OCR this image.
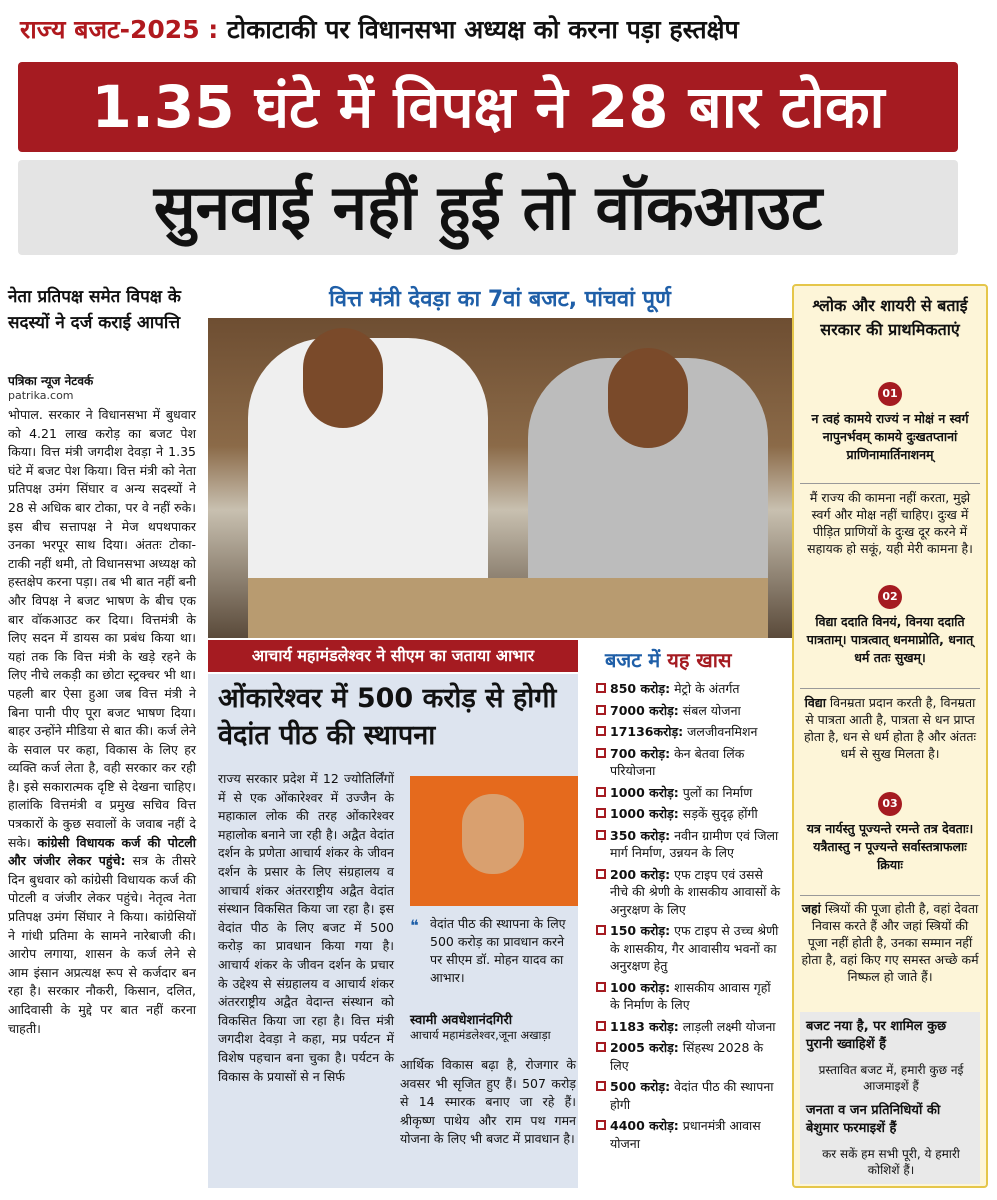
राज्य बजट-2025 : टोकाटाकी पर विधानसभा अध्यक्ष को करना पड़ा हस्तक्षेप
1.35 घंटे में विपक्ष ने 28 बार टोका
सुनवाई नहीं हुई तो वॉकआउट
वित्त मंत्री देवड़ा का 7वां बजट, पांचवां पूर्ण
नेता प्रतिपक्ष समेत विपक्ष के सदस्यों ने दर्ज कराई आपत्ति
पत्रिका न्यूज नेटवर्क
patrika.com
भोपाल. सरकार ने विधानसभा में बुधवार को 4.21 लाख करोड़ का बजट पेश किया। वित्त मंत्री जगदीश देवड़ा ने 1.35 घंटे में बजट पेश किया। वित्त मंत्री को नेता प्रतिपक्ष उमंग सिंघार व अन्य सदस्यों ने 28 से अधिक बार टोका, पर वे नहीं रुके। इस बीच सत्तापक्ष ने मेज थपथपाकर उनका भरपूर साथ दिया। अंततः टोका-टाकी नहीं थमी, तो विधानसभा अध्यक्ष को हस्तक्षेप करना पड़ा। तब भी बात नहीं बनी और विपक्ष ने बजट भाषण के बीच एक बार वॉकआउट कर दिया। वित्तमंत्री के लिए सदन में डायस का प्रबंध किया था। यहां तक कि वित्त मंत्री के खड़े रहने के लिए नीचे लकड़ी का छोटा स्ट्रक्चर भी था। पहली बार ऐसा हुआ जब वित्त मंत्री ने बिना पानी पीए पूरा बजट भाषण दिया। बाहर उन्होंने मीडिया से बात की। कर्ज लेने के सवाल पर कहा, विकास के लिए हर व्यक्ति कर्ज लेता है, वही सरकार कर रही है। इसे सकारात्मक दृष्टि से देखना चाहिए। हालांकि वित्तमंत्री व प्रमुख सचिव वित्त पत्रकारों के कुछ सवालों के जवाब नहीं दे सके। कांग्रेसी विधायक कर्ज की पोटली और जंजीर लेकर पहुंचे: सत्र के तीसरे दिन बुधवार को कांग्रेसी विधायक कर्ज की पोटली व जंजीर लेकर पहुंचे। नेतृत्व नेता प्रतिपक्ष उमंग सिंघार ने किया। कांग्रेसियों ने गांधी प्रतिमा के सामने नारेबाजी की। आरोप लगाया, शासन के कर्ज लेने से आम इंसान अप्रत्यक्ष रूप से कर्जदार बन रहा है। सरकार नौकरी, किसान, दलित, आदिवासी के मुद्दे पर बात नहीं करना चाहती।
आचार्य महामंडलेश्वर ने सीएम का जताया आभार
ओंकारेश्वर में 500 करोड़ से होगी वेदांत पीठ की स्थापना
राज्य सरकार प्रदेश में 12 ज्योतिर्लिंगों में से एक ओंकारेश्वर में उज्जैन के महाकाल लोक की तरह ओंकारेश्वर महालोक बनाने जा रही है। अद्वैत वेदांत दर्शन के प्रणेता आचार्य शंकर के जीवन दर्शन के प्रसार के लिए संग्रहालय व आचार्य शंकर अंतरराष्ट्रीय अद्वैत वेदांत संस्थान विकसित किया जा रहा है। इस वेदांत पीठ के लिए बजट में 500 करोड़ का प्रावधान किया गया है। आचार्य शंकर के जीवन दर्शन के प्रचार के उद्देश्य से संग्रहालय व आचार्य शंकर अंतरराष्ट्रीय अद्वैत वेदान्त संस्थान को विकसित किया जा रहा है। वित्त मंत्री जगदीश देवड़ा ने कहा, मप्र पर्यटन में विशेष पहचान बना चुका है। पर्यटन के विकास के प्रयासों से न सिर्फ
❝ वेदांत पीठ की स्थापना के लिए 500 करोड़ का प्रावधान करने पर सीएम डॉ. मोहन यादव का आभार।
स्वामी अवधेशानंदगिरी
आचार्य महामंडलेश्वर,जूना अखाड़ा
आर्थिक विकास बढ़ा है, रोजगार के अवसर भी सृजित हुए हैं। 507 करोड़ से 14 स्मारक बनाए जा रहे हैं। श्रीकृष्ण पाथेय और राम पथ गमन योजना के लिए भी बजट में प्रावधान है।
बजट में यह खास
850 करोड़: मेट्रो के अंतर्गत
7000 करोड़: संबल योजना
17136करोड़: जलजीवनमिशन
700 करोड़: केन बेतवा लिंक परियोजना
1000 करोड़: पुलों का निर्माण
1000 करोड़: सड़कें सुदृढ़ होंगी
350 करोड़: नवीन ग्रामीण एवं जिला मार्ग निर्माण, उन्नयन के लिए
200 करोड़: एफ टाइप एवं उससे नीचे की श्रेणी के शासकीय आवासों के अनुरक्षण के लिए
150 करोड़: एफ टाइप से उच्च श्रेणी के शासकीय, गैर आवासीय भवनों का अनुरक्षण हेतु
100 करोड़: शासकीय आवास गृहों के निर्माण के लिए
1183 करोड़: लाड़ली लक्ष्मी योजना
2005 करोड़: सिंहस्थ 2028 के लिए
500 करोड़: वेदांत पीठ की स्थापना होगी
4400 करोड़: प्रधानमंत्री आवास योजना
श्लोक और शायरी से बताई सरकार की प्राथमिकताएं
01
न त्वहं कामये राज्यं न मोक्षं न स्वर्ग नापुनर्भवम् कामये दुःखतप्तानां प्राणिनामार्तिनाशनम्
मैं राज्य की कामना नहीं करता, मुझे स्वर्ग और मोक्ष नहीं चाहिए। दुःख में पीड़ित प्राणियों के दुःख दूर करने में सहायक हो सकूं, यही मेरी कामना है।
02
विद्या ददाति विनयं, विनया ददाति पात्रताम्। पात्रत्वात् धनमाप्नोति, धनात् धर्म ततः सुखम्।
विद्या विनम्रता प्रदान करती है, विनम्रता से पात्रता आती है, पात्रता से धन प्राप्त होता है, धन से धर्म होता है और अंततः धर्म से सुख मिलता है।
03
यत्र नार्यस्तु पूज्यन्ते रमन्ते तत्र देवताः। यत्रैतास्तु न पूज्यन्ते सर्वास्तत्राफलाः क्रियाः
जहां स्त्रियों की पूजा होती है, वहां देवता निवास करते हैं और जहां स्त्रियों की पूजा नहीं होती है, उनका सम्मान नहीं होता है, वहां किए गए समस्त अच्छे कर्म निष्फल हो जाते हैं।
बजट नया है, पर शामिल कुछ पुरानी ख्वाहिशें हैं
प्रस्तावित बजट में, हमारी कुछ नई आजमाइशें हैं
जनता व जन प्रतिनिधियों की बेशुमार फरमाइशें हैं
कर सकें हम सभी पूरी, ये हमारी कोशिशें हैं।
